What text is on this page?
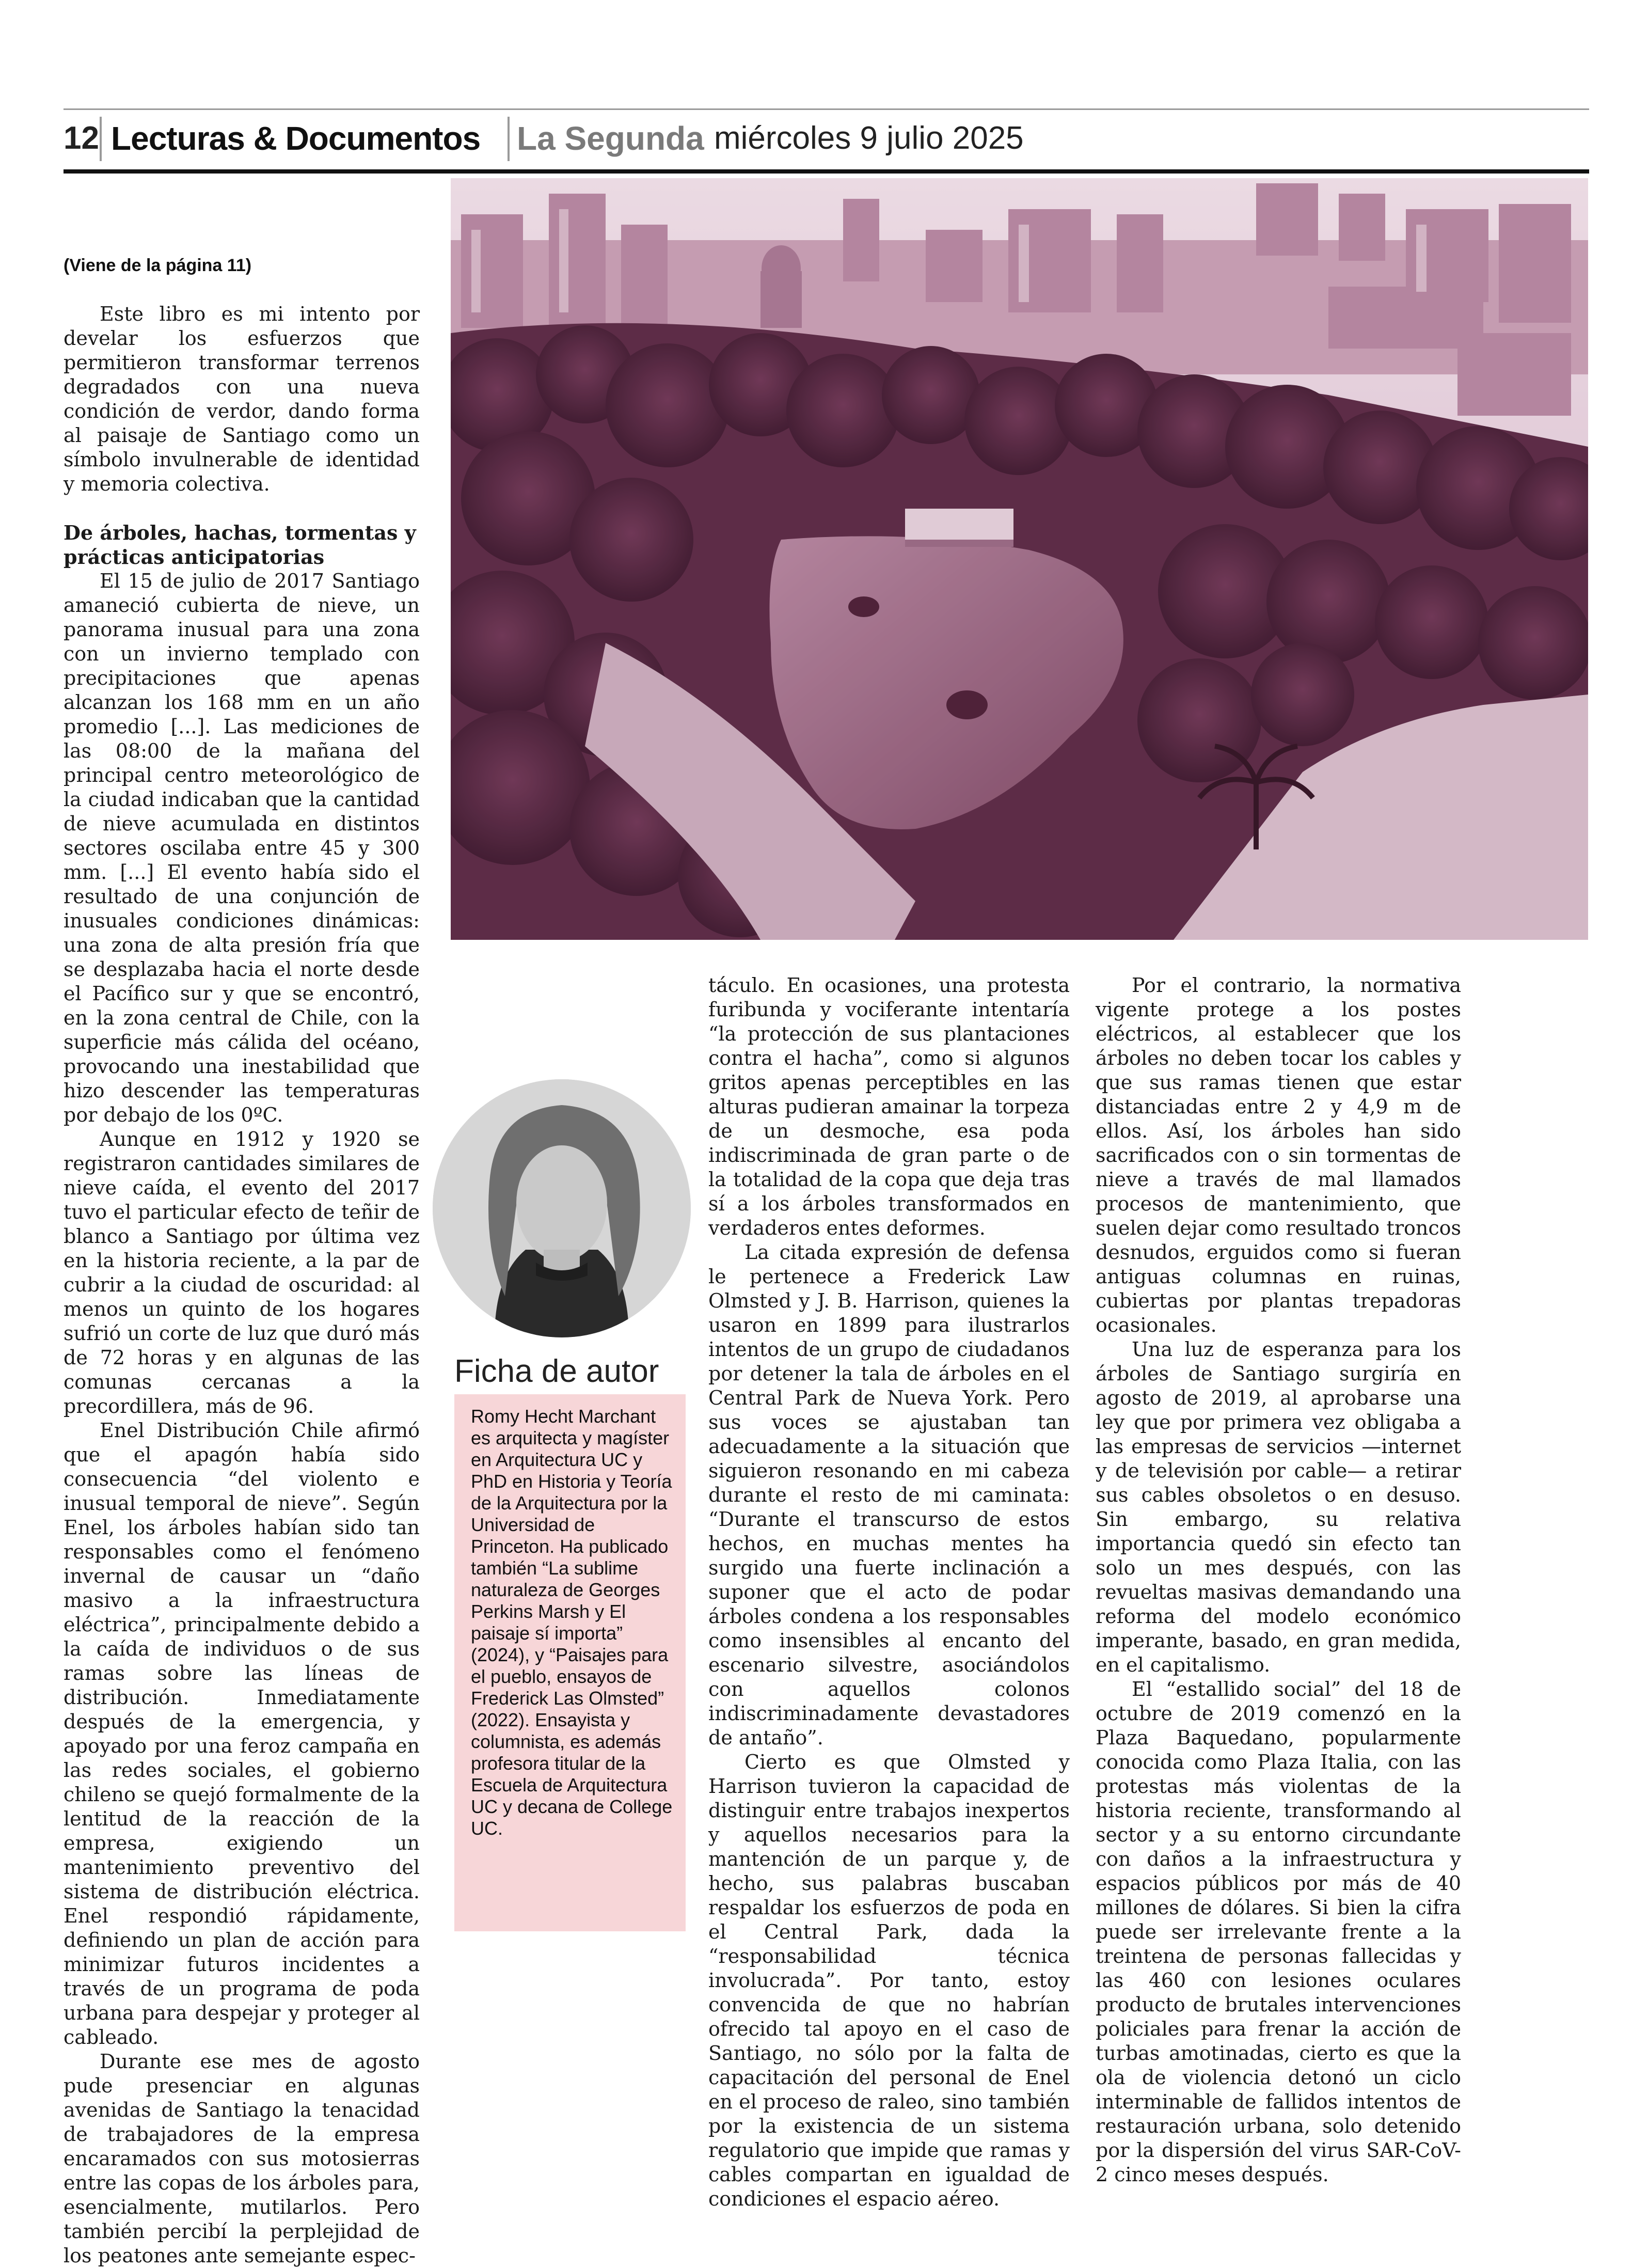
12 Lecturas & Documentos La Segunda miércoles 9 julio 2025
(Viene de la página 11)

Este libro es mi intento por develar los esfuerzos que permitieron transformar terrenos degradados con una nueva condición de verdor, dando forma al paisaje de Santiago como un símbolo invulnerable de identidad y memoria colectiva.

De árboles, hachas, tormentas y prácticas anticipatorias

El 15 de julio de 2017 Santiago amaneció cubierta de nieve, un panorama inusual para una zona con un invierno templado con precipitaciones que apenas alcanzan los 168 mm en un año promedio [...]. Las mediciones de las 08:00 de la mañana del principal centro meteorológico de la ciudad indicaban que la cantidad de nieve acumulada en distintos sectores oscilaba entre 45 y 300 mm. [...] El evento había sido el resultado de una conjunción de inusuales condiciones dinámicas: una zona de alta presión fría que se desplazaba hacia el norte desde el Pacífico sur y que se encontró, en la zona central de Chile, con la superficie más cálida del océano, provocando una inestabilidad que hizo descender las temperaturas por debajo de los 0ºC.

Aunque en 1912 y 1920 se registraron cantidades similares de nieve caída, el evento del 2017 tuvo el particular efecto de teñir de blanco a Santiago por última vez en la historia reciente, a la par de cubrir a la ciudad de oscuridad: al menos un quinto de los hogares sufrió un corte de luz que duró más de 72 horas y en algunas de las comunas cercanas a la precordillera, más de 96.

Enel Distribución Chile afirmó que el apagón había sido consecuencia “del violento e inusual temporal de nieve”. Según Enel, los árboles habían sido tan responsables como el fenómeno invernal de causar un “daño masivo a la infraestructura eléctrica”, principalmente debido a la caída de individuos o de sus ramas sobre las líneas de distribución. Inmediatamente después de la emergencia, y apoyado por una feroz campaña en las redes sociales, el gobierno chileno se quejó formalmente de la lentitud de la reacción de la empresa, exigiendo un mantenimiento preventivo del sistema de distribución eléctrica. Enel respondió rápidamente, definiendo un plan de acción para minimizar futuros incidentes a través de un programa de poda urbana para despejar y proteger al cableado.

Durante ese mes de agosto pude presenciar en algunas avenidas de Santiago la tenacidad de trabajadores de la empresa encaramados con sus motosierras entre las copas de los árboles para, esencialmente, mutilarlos. Pero también percibí la perplejidad de los peatones ante semejante espec-

Ficha de autor
Romy Hecht Marchant es arquitecta y magíster en Arquitectura UC y PhD en Historia y Teoría de la Arquitectura por la Universidad de Princeton. Ha publicado también “La sublime naturaleza de Georges Perkins Marsh y El paisaje sí importa” (2024), y “Paisajes para el pueblo, ensayos de Frederick Las Olmsted” (2022). Ensayista y columnista, es además profesora titular de la Escuela de Arquitectura UC y decana de College UC.

táculo. En ocasiones, una protesta furibunda y vociferante intentaría “la protección de sus plantaciones contra el hacha”, como si algunos gritos apenas perceptibles en las alturas pudieran amainar la torpeza de un desmoche, esa poda indiscriminada de gran parte o de la totalidad de la copa que deja tras sí a los árboles transformados en verdaderos entes deformes.

La citada expresión de defensa le pertenece a Frederick Law Olmsted y J. B. Harrison, quienes la usaron en 1899 para ilustrarlos intentos de un grupo de ciudadanos por detener la tala de árboles en el Central Park de Nueva York. Pero sus voces se ajustaban tan adecuadamente a la situación que siguieron resonando en mi cabeza durante el resto de mi caminata: “Durante el transcurso de estos hechos, en muchas mentes ha surgido una fuerte inclinación a suponer que el acto de podar árboles condena a los responsables como insensibles al encanto del escenario silvestre, asociándolos con aquellos colonos indiscriminadamente devastadores de antaño”.

Cierto es que Olmsted y Harrison tuvieron la capacidad de distinguir entre trabajos inexpertos y aquellos necesarios para la mantención de un parque y, de hecho, sus palabras buscaban respaldar los esfuerzos de poda en el Central Park, dada la “responsabilidad técnica involucrada”. Por tanto, estoy convencida de que no habrían ofrecido tal apoyo en el caso de Santiago, no sólo por la falta de capacitación del personal de Enel en el proceso de raleo, sino también por la existencia de un sistema regulatorio que impide que ramas y cables compartan en igualdad de condiciones el espacio aéreo.

Por el contrario, la normativa vigente protege a los postes eléctricos, al establecer que los árboles no deben tocar los cables y que sus ramas tienen que estar distanciadas entre 2 y 4,9 m de ellos. Así, los árboles han sido sacrificados con o sin tormentas de nieve a través de mal llamados procesos de mantenimiento, que suelen dejar como resultado troncos desnudos, erguidos como si fueran antiguas columnas en ruinas, cubiertas por plantas trepadoras ocasionales.

Una luz de esperanza para los árboles de Santiago surgiría en agosto de 2019, al aprobarse una ley que por primera vez obligaba a las empresas de servicios —internet y de televisión por cable— a retirar sus cables obsoletos o en desuso. Sin embargo, su relativa importancia quedó sin efecto tan solo un mes después, con las revueltas masivas demandando una reforma del modelo económico imperante, basado, en gran medida, en el capitalismo.

El “estallido social” del 18 de octubre de 2019 comenzó en la Plaza Baquedano, popularmente conocida como Plaza Italia, con las protestas más violentas de la historia reciente, transformando al sector y a su entorno circundante con daños a la infraestructura y espacios públicos por más de 40 millones de dólares. Si bien la cifra puede ser irrelevante frente a la treintena de personas fallecidas y las 460 con lesiones oculares producto de brutales intervenciones policiales para frenar la acción de turbas amotinadas, cierto es que la ola de violencia detonó un ciclo interminable de fallidos intentos de restauración urbana, solo detenido por la dispersión del virus SAR-CoV-2 cinco meses después.
